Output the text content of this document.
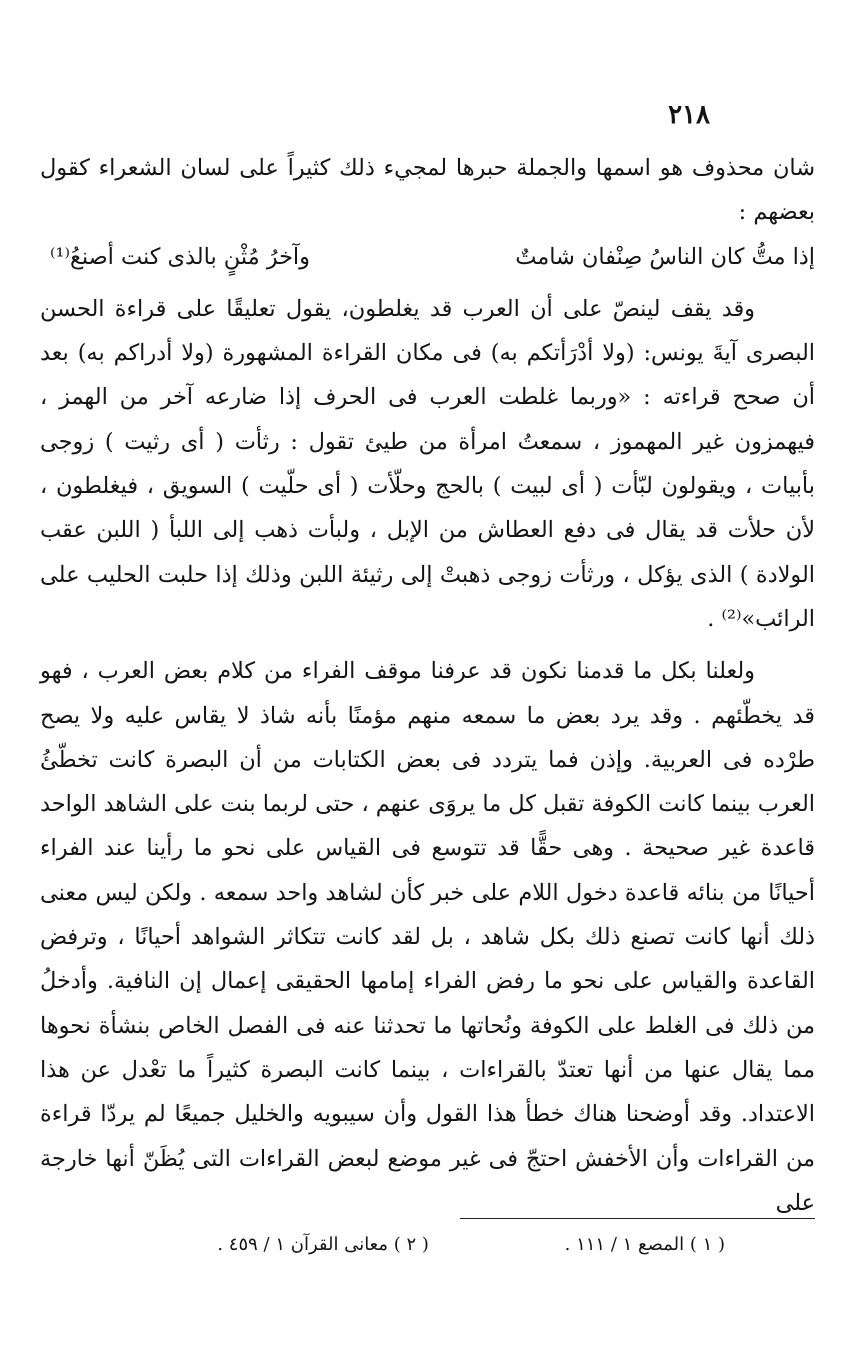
٢١٨

شان محذوف هو اسمها والجملة حبرها لمجيء ذلك كثيراً على لسان الشعراء كقول بعضهم :

إذا متُّ كان الناسُ صِنْفان شامتٌ
وآخرُ مُثْنٍ بالذى كنت أصنعُ⁽¹⁾

وقد يقف لينصّ على أن العرب قد يغلطون، يقول تعليقًا على قراءة الحسن البصرى آيةَ يونس: (ولا أدْرَأتكم به) فى مكان القراءة المشهورة (ولا أدراكم به) بعد أن صحح قراءته : «وربما غلطت العرب فى الحرف إذا ضارعه آخر من الهمز ، فيهمزون غير المهموز ، سمعتُ امرأة من طيئ تقول : رثأت ( أى رثيت ) زوجى بأبيات ، ويقولون لبّأت ( أى لبيت ) بالحج وحلّأت ( أى حلّيت ) السويق ، فيغلطون ، لأن حلأت قد يقال فى دفع العطاش من الإبل ، ولبأت ذهب إلى اللبأ ( اللبن عقب الولادة ) الذى يؤكل ، ورثأت زوجى ذهبتْ إلى رثيئة اللبن وذلك إذا حلبت الحليب على الرائب»⁽²⁾ .

ولعلنا بكل ما قدمنا نكون قد عرفنا موقف الفراء من كلام بعض العرب ، فهو قد يخطّئهم . وقد يرد بعض ما سمعه منهم مؤمنًا بأنه شاذ لا يقاس عليه ولا يصح طرْده فى العربية. وإذن فما يتردد فى بعض الكتابات من أن البصرة كانت تخطّئُ العرب بينما كانت الكوفة تقبل كل ما يروَى عنهم ، حتى لربما بنت على الشاهد الواحد قاعدة غير صحيحة . وهى حقًّا قد تتوسع فى القياس على نحو ما رأينا عند الفراء أحيانًا من بنائه قاعدة دخول اللام على خبر كأن لشاهد واحد سمعه . ولكن ليس معنى ذلك أنها كانت تصنع ذلك بكل شاهد ، بل لقد كانت تتكاثر الشواهد أحيانًا ، وترفض القاعدة والقياس على نحو ما رفض الفراء إمامها الحقيقى إعمال إن النافية. وأدخلُ من ذلك فى الغلط على الكوفة ونُحاتها ما تحدثنا عنه فى الفصل الخاص بنشأة نحوها مما يقال عنها من أنها تعتدّ بالقراءات ، بينما كانت البصرة كثيراً ما تعْدل عن هذا الاعتداد. وقد أوضحنا هناك خطأ هذا القول وأن سيبويه والخليل جميعًا لم يردّا قراءة من القراءات وأن الأخفش احتجّ فى غير موضع لبعض القراءات التى يُظَنّ أنها خارجة على

( ١ ) المصع ١ / ١١١ . ( ٢ ) معانى القرآن ١ / ٤٥٩ .
